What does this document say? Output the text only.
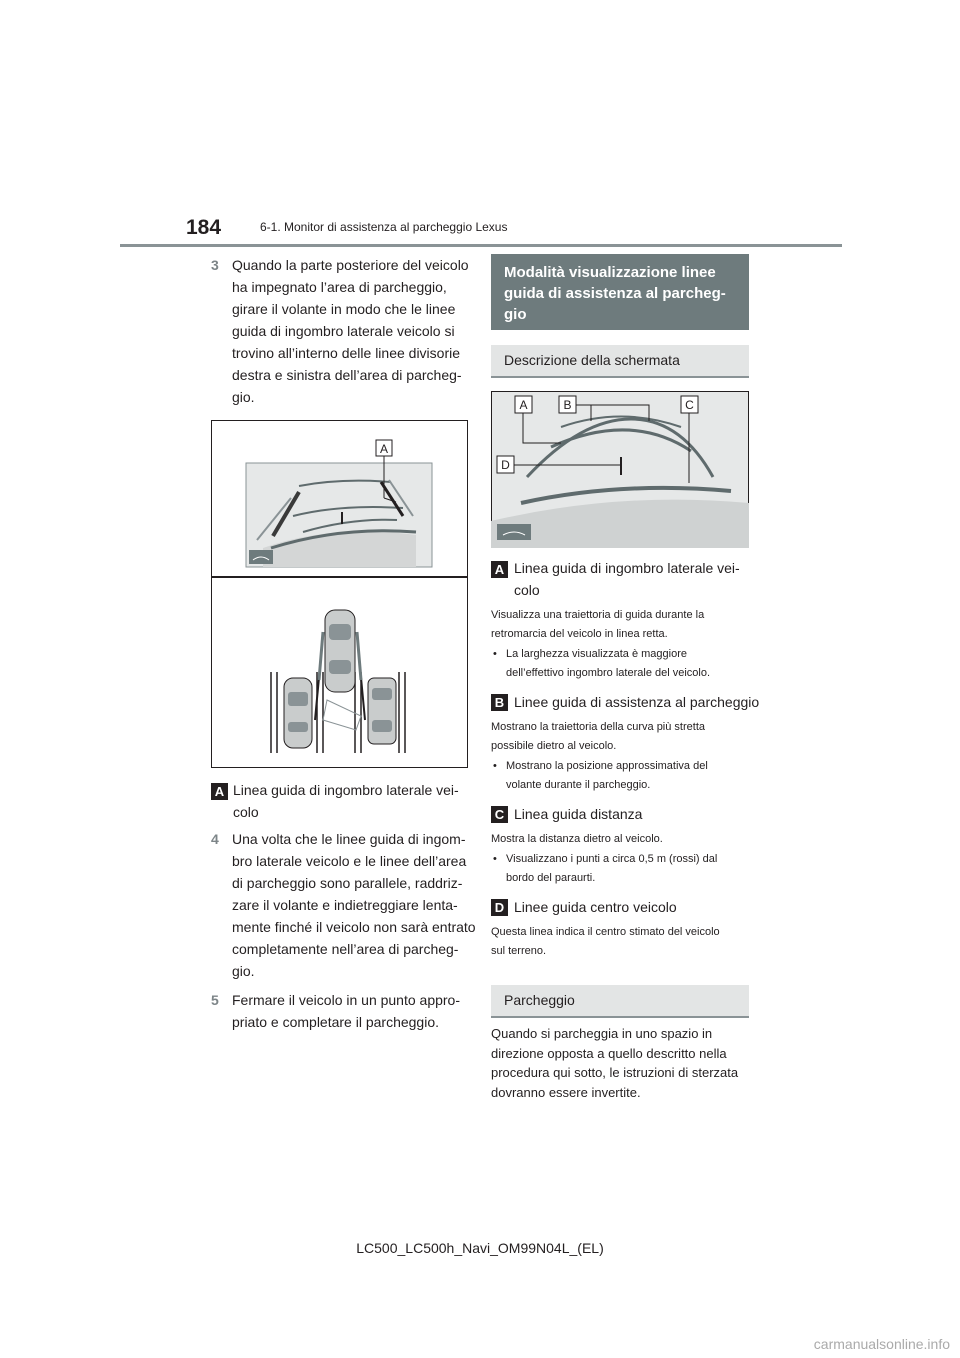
184	6-1. Monitor di assistenza al parcheggio Lexus
3 Quando la parte posteriore del veicolo
ha impegnato l’area di parcheggio,
girare il volante in modo che le linee
guida di ingombro laterale veicolo si
trovino all’interno delle linee divisorie
destra e sinistra dell’area di parcheg-
gio.
A
A Linea guida di ingombro laterale vei-
colo
4 Una volta che le linee guida di ingom-
bro laterale veicolo e le linee dell’area
di parcheggio sono parallele, raddriz-
zare il volante e indietreggiare lenta-
mente finché il veicolo non sarà entrato
completamente nell’area di parcheg-
gio.
5 Fermare il veicolo in un punto appro-
priato e completare il parcheggio.
Modalità visualizzazione linee
guida di assistenza al parcheg-
gio
Descrizione della schermata
A	B	C
D
A Linea guida di ingombro laterale vei-
colo
Visualizza una traiettoria di guida durante la
retromarcia del veicolo in linea retta.
• La larghezza visualizzata è maggiore
dell’effettivo ingombro laterale del veicolo.
B Linee guida di assistenza al parcheggio
Mostrano la traiettoria della curva più stretta
possibile dietro al veicolo.
• Mostrano la posizione approssimativa del
volante durante il parcheggio.
C Linea guida distanza
Mostra la distanza dietro al veicolo.
• Visualizzano i punti a circa 0,5 m (rossi) dal
bordo del paraurti.
D Linee guida centro veicolo
Questa linea indica il centro stimato del veicolo
sul terreno.
Parcheggio
Quando si parcheggia in uno spazio in
direzione opposta a quello descritto nella
procedura qui sotto, le istruzioni di sterzata
dovranno essere invertite.
LC500_LC500h_Navi_OM99N04L_(EL)
carmanualsonline.info
